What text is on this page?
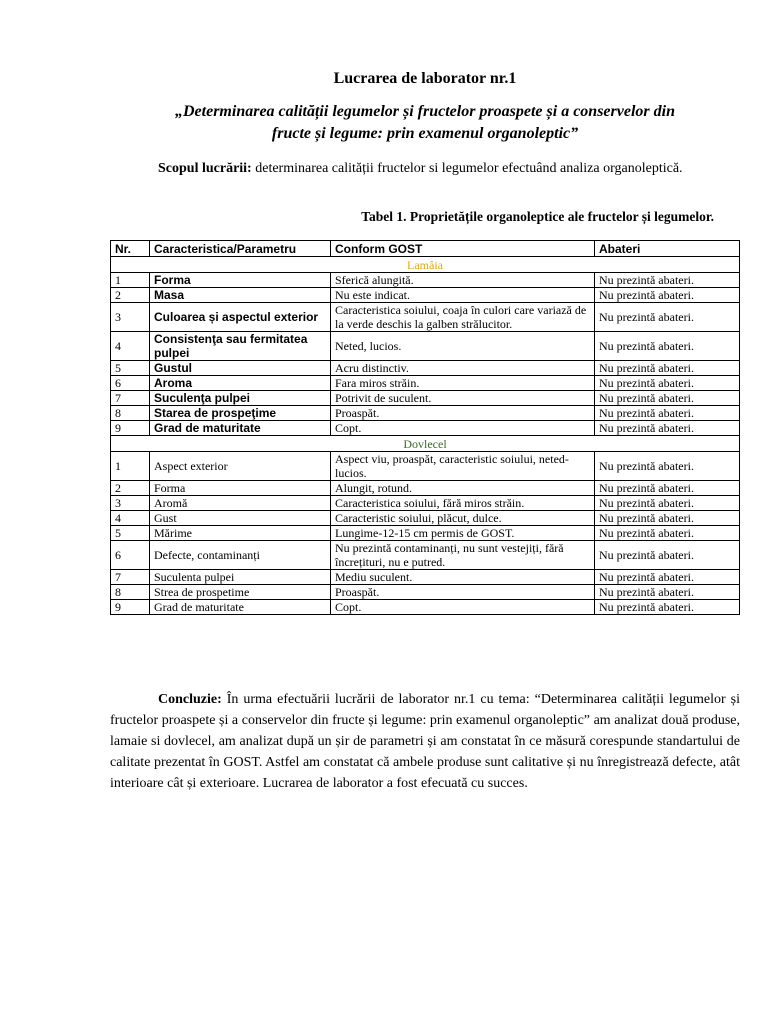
Lucrarea de laborator nr.1
„Determinarea calității legumelor și fructelor proaspete și a conservelor din
fructe și legume: prin examenul organoleptic”
Scopul lucrării: determinarea calității fructelor si legumelor efectuând analiza organoleptică.
Tabel 1. Proprietățile organoleptice ale fructelor și legumelor.
Nr.	Caracteristica/Parametru	Conform GOST	Abateri
Lamâia			
1	Forma	Sferică alungită.	Nu prezintă abateri.
2	Masa	Nu este indicat.	Nu prezintă abateri.
3	Culoarea și aspectul exterior	Caracteristica soiului, coaja în culori care variază de la verde deschis la galben strălucitor.	Nu prezintă abateri.
4	Consistenţa sau fermitatea pulpei	Neted, lucios.	Nu prezintă abateri.
5	Gustul	Acru distinctiv.	Nu prezintă abateri.
6	Aroma	Fara miros străin.	Nu prezintă abateri.
7	Suculenţa pulpei	Potrivit de suculent.	Nu prezintă abateri.
8	Starea de prospeţime	Proaspăt.	Nu prezintă abateri.
9	Grad de maturitate	Copt.	Nu prezintă abateri.
Dovlecel			
1	Aspect exterior	Aspect viu, proaspăt, caracteristic soiului, neted-lucios.	Nu prezintă abateri.
2	Forma	Alungit, rotund.	Nu prezintă abateri.
3	Aromă	Caracteristica soiului, fără miros străin.	Nu prezintă abateri.
4	Gust	Caracteristic soiului, plăcut, dulce.	Nu prezintă abateri.
5	Mărime	Lungime-12-15 cm permis de GOST.	Nu prezintă abateri.
6	Defecte, contaminanți	Nu prezintă contaminanți, nu sunt vestejiți, fără încrețituri, nu e putred.	Nu prezintă abateri.
7	Suculenta pulpei	Mediu suculent.	Nu prezintă abateri.
8	Strea de prospetime	Proaspăt.	Nu prezintă abateri.
9	Grad de maturitate	Copt.	Nu prezintă abateri.
Concluzie: În urma efectuării lucrării de laborator nr.1 cu tema: “Determinarea calității legumelor și fructelor proaspete și a conservelor din fructe și legume: prin examenul organoleptic” am analizat două produse, lamaie si dovlecel, am analizat după un șir de parametri și am constatat în ce măsură corespunde standartului de calitate prezentat în GOST. Astfel am constatat că ambele produse sunt calitative și nu înregistrează defecte, atât interioare cât și exterioare. Lucrarea de laborator a fost efecuată cu succes.
